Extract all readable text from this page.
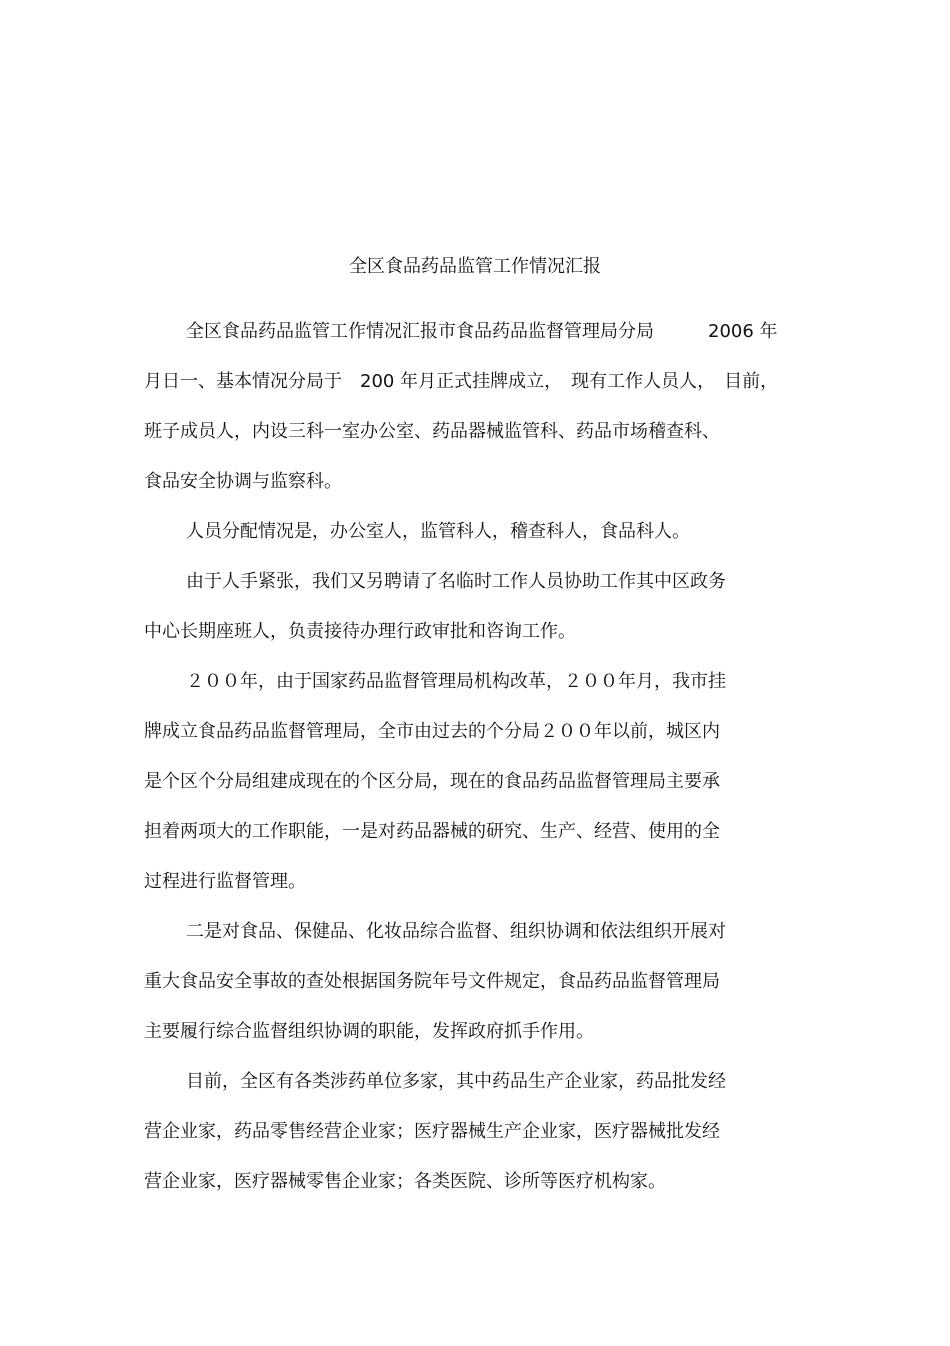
全区食品药品监管工作情况汇报
全区食品药品监管工作情况汇报市食品药品监督管理局分局　　　2006 年
月日一、基本情况分局于　200 年月正式挂牌成立，　现有工作人员人，　目前，
班子成员人，内设三科一室办公室、药品器械监管科、药品市场稽查科、
食品安全协调与监察科。
人员分配情况是，办公室人，监管科人，稽查科人，食品科人。
由于人手紧张，我们又另聘请了名临时工作人员协助工作其中区政务
中心长期座班人，负责接待办理行政审批和咨询工作。
２００年，由于国家药品监督管理局机构改革，２００年月，我市挂
牌成立食品药品监督管理局，全市由过去的个分局２００年以前，城区内
是个区个分局组建成现在的个区分局，现在的食品药品监督管理局主要承
担着两项大的工作职能，一是对药品器械的研究、生产、经营、使用的全
过程进行监督管理。
二是对食品、保健品、化妆品综合监督、组织协调和依法组织开展对
重大食品安全事故的查处根据国务院年号文件规定，食品药品监督管理局
主要履行综合监督组织协调的职能，发挥政府抓手作用。
目前，全区有各类涉药单位多家，其中药品生产企业家，药品批发经
营企业家，药品零售经营企业家；医疗器械生产企业家，医疗器械批发经
营企业家，医疗器械零售企业家；各类医院、诊所等医疗机构家。
